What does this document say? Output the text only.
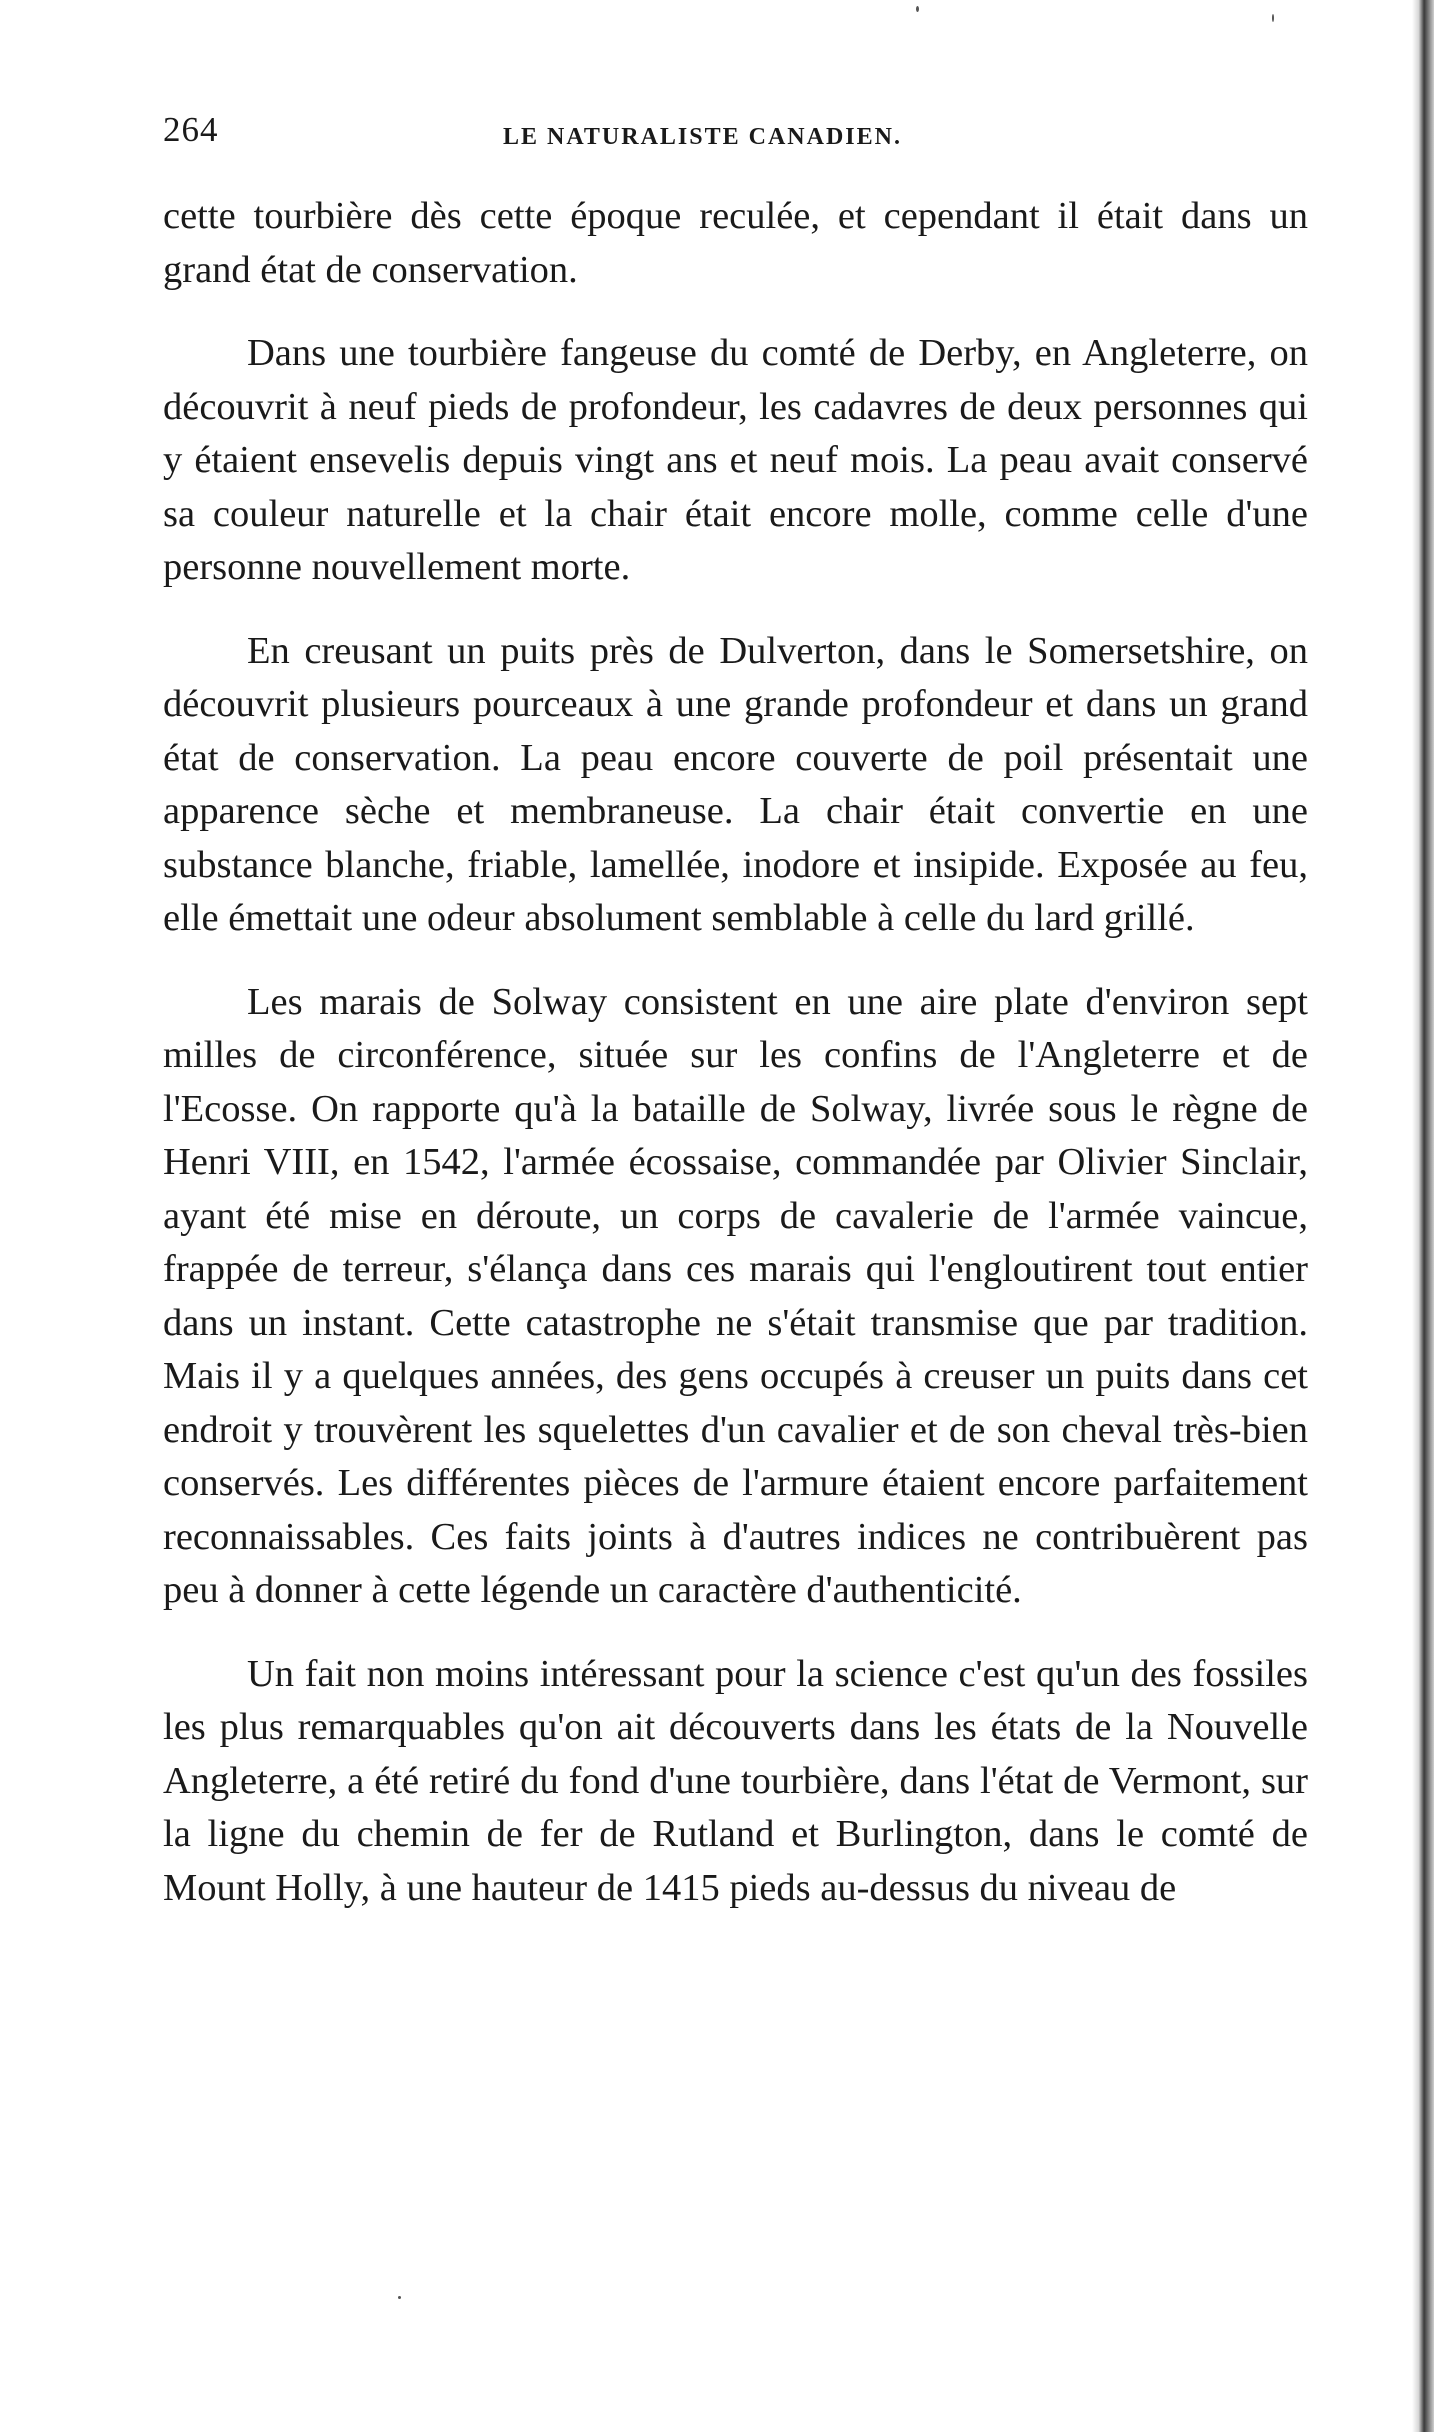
264	LE NATURALISTE CANADIEN.

cette tourbière dès cette époque reculée, et cependant il était dans un grand état de conservation.

Dans une tourbière fangeuse du comté de Derby, en Angleterre, on découvrit à neuf pieds de profondeur, les cadavres de deux personnes qui y étaient ensevelis depuis vingt ans et neuf mois. La peau avait conservé sa couleur naturelle et la chair était encore molle, comme celle d'une personne nouvellement morte.

En creusant un puits près de Dulverton, dans le Somersetshire, on découvrit plusieurs pourceaux à une grande profondeur et dans un grand état de conservation. La peau encore couverte de poil présentait une apparence sèche et membraneuse. La chair était convertie en une substance blanche, friable, lamellée, inodore et insipide. Exposée au feu, elle émettait une odeur absolument semblable à celle du lard grillé.

Les marais de Solway consistent en une aire plate d'environ sept milles de circonférence, située sur les confins de l'Angleterre et de l'Ecosse. On rapporte qu'à la bataille de Solway, livrée sous le règne de Henri VIII, en 1542, l'armée écossaise, commandée par Olivier Sinclair, ayant été mise en déroute, un corps de cavalerie de l'armée vaincue, frappée de terreur, s'élança dans ces marais qui l'engloutirent tout entier dans un instant. Cette catastrophe ne s'était transmise que par tradition. Mais il y a quelques années, des gens occupés à creuser un puits dans cet endroit y trouvèrent les squelettes d'un cavalier et de son cheval très-bien conservés. Les différentes pièces de l'armure étaient encore parfaitement reconnaissables. Ces faits joints à d'autres indices ne contribuèrent pas peu à donner à cette légende un caractère d'authenticité.

Un fait non moins intéressant pour la science c'est qu'un des fossiles les plus remarquables qu'on ait découverts dans les états de la Nouvelle Angleterre, a été retiré du fond d'une tourbière, dans l'état de Vermont, sur la ligne du chemin de fer de Rutland et Burlington, dans le comté de Mount Holly, à une hauteur de 1415 pieds au-dessus du niveau de
